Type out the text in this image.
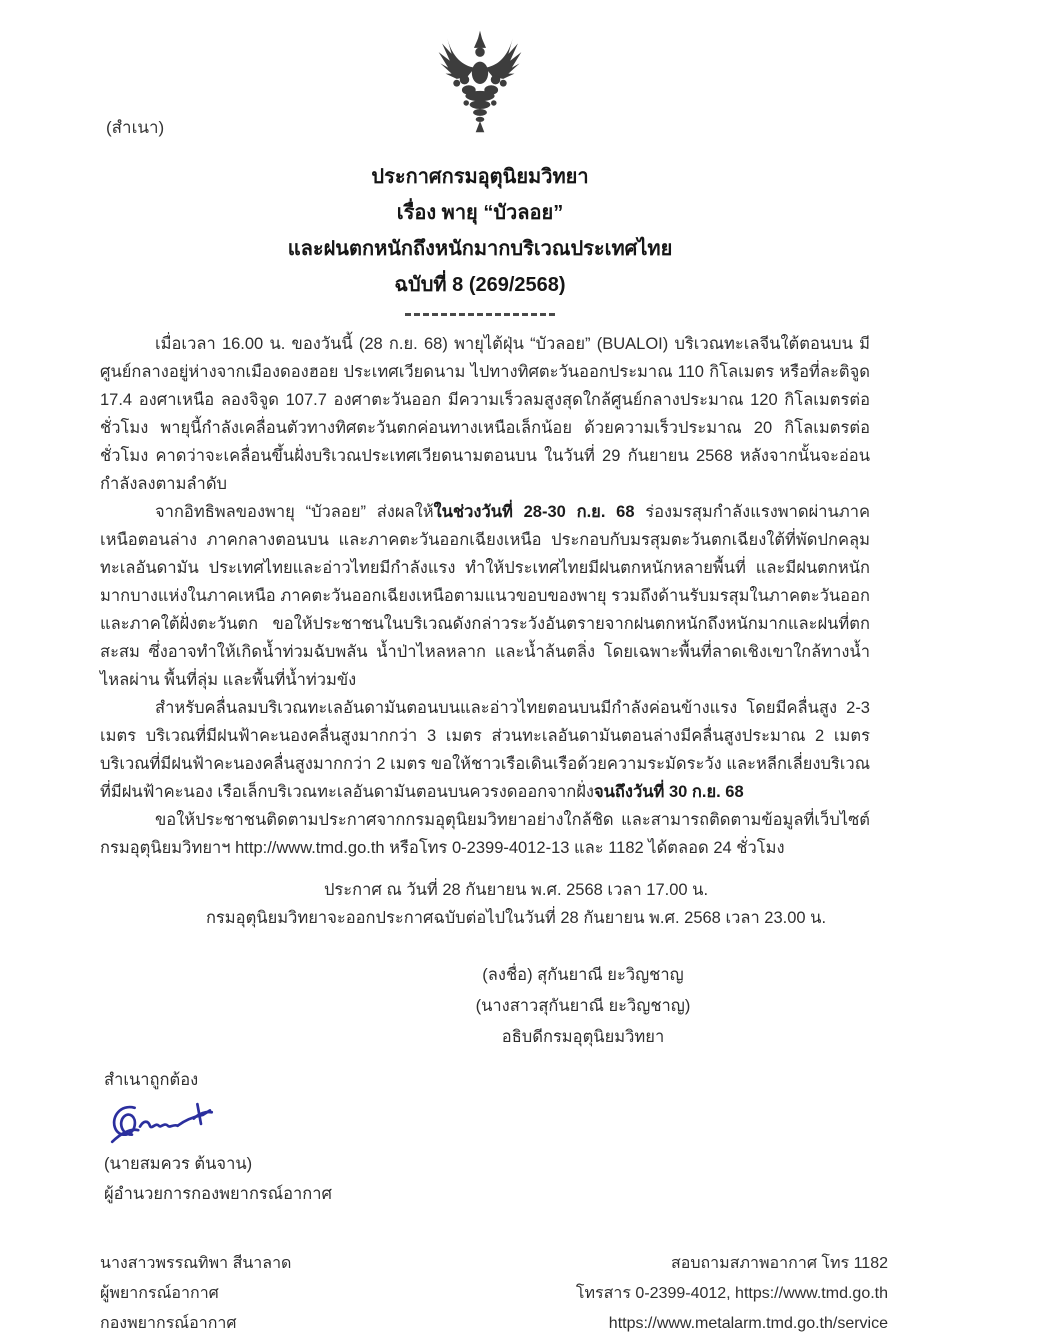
(สำเนา)
ประกาศกรมอุตุนิยมวิทยา
เรื่อง พายุ “บัวลอย”
และฝนตกหนักถึงหนักมากบริเวณประเทศไทย
ฉบับที่ 8 (269/2568)

เมื่อเวลา 16.00 น. ของวันนี้ (28 ก.ย. 68) พายุไต้ฝุ่น “บัวลอย” (BUALOI) บริเวณทะเลจีนใต้ตอนบน มีศูนย์กลางอยู่ห่างจากเมืองดองฮอย ประเทศเวียดนาม ไปทางทิศตะวันออกประมาณ 110 กิโลเมตร หรือที่ละติจูด 17.4 องศาเหนือ ลองจิจูด 107.7 องศาตะวันออก มีความเร็วลมสูงสุดใกล้ศูนย์กลางประมาณ 120 กิโลเมตรต่อชั่วโมง พายุนี้กำลังเคลื่อนตัวทางทิศตะวันตกค่อนทางเหนือเล็กน้อย ด้วยความเร็วประมาณ 20 กิโลเมตรต่อชั่วโมง คาดว่าจะเคลื่อนขึ้นฝั่งบริเวณประเทศเวียดนามตอนบน ในวันที่ 29 กันยายน 2568 หลังจากนั้นจะอ่อนกำลังลงตามลำดับ

จากอิทธิพลของพายุ “บัวลอย” ส่งผลให้ในช่วงวันที่ 28-30 ก.ย. 68 ร่องมรสุมกำลังแรงพาดผ่านภาคเหนือตอนล่าง ภาคกลางตอนบน และภาคตะวันออกเฉียงเหนือ ประกอบกับมรสุมตะวันตกเฉียงใต้ที่พัดปกคลุมทะเลอันดามัน ประเทศไทยและอ่าวไทยมีกำลังแรง ทำให้ประเทศไทยมีฝนตกหนักหลายพื้นที่ และมีฝนตกหนักมากบางแห่งในภาคเหนือ ภาคตะวันออกเฉียงเหนือตามแนวขอบของพายุ รวมถึงด้านรับมรสุมในภาคตะวันออกและภาคใต้ฝั่งตะวันตก ขอให้ประชาชนในบริเวณดังกล่าวระวังอันตรายจากฝนตกหนักถึงหนักมากและฝนที่ตกสะสม ซึ่งอาจทำให้เกิดน้ำท่วมฉับพลัน น้ำป่าไหลหลาก และน้ำล้นตลิ่ง โดยเฉพาะพื้นที่ลาดเชิงเขาใกล้ทางน้ำไหลผ่าน พื้นที่ลุ่ม และพื้นที่น้ำท่วมขัง

สำหรับคลื่นลมบริเวณทะเลอันดามันตอนบนและอ่าวไทยตอนบนมีกำลังค่อนข้างแรง โดยมีคลื่นสูง 2-3 เมตร บริเวณที่มีฝนฟ้าคะนองคลื่นสูงมากกว่า 3 เมตร ส่วนทะเลอันดามันตอนล่างมีคลื่นสูงประมาณ 2 เมตร บริเวณที่มีฝนฟ้าคะนองคลื่นสูงมากกว่า 2 เมตร ขอให้ชาวเรือเดินเรือด้วยความระมัดระวัง และหลีกเลี่ยงบริเวณที่มีฝนฟ้าคะนอง เรือเล็กบริเวณทะเลอันดามันตอนบนควรงดออกจากฝั่งจนถึงวันที่ 30 ก.ย. 68

ขอให้ประชาชนติดตามประกาศจากกรมอุตุนิยมวิทยาอย่างใกล้ชิด และสามารถติดตามข้อมูลที่เว็บไซต์ กรมอุตุนิยมวิทยาฯ http://www.tmd.go.th หรือโทร 0-2399-4012-13 และ 1182 ได้ตลอด 24 ชั่วโมง

ประกาศ ณ วันที่ 28 กันยายน พ.ศ. 2568 เวลา 17.00 น.
กรมอุตุนิยมวิทยาจะออกประกาศฉบับต่อไปในวันที่ 28 กันยายน พ.ศ. 2568 เวลา 23.00 น.
(ลงชื่อ) สุกันยาณี ยะวิญชาญ
(นางสาวสุกันยาณี ยะวิญชาญ)
อธิบดีกรมอุตุนิยมวิทยา

สำเนาถูกต้อง

(นายสมควร ต้นจาน)

ผู้อำนวยการกองพยากรณ์อากาศ

นางสาวพรรณทิพา สีนาลาด

ผู้พยากรณ์อากาศ

กองพยากรณ์อากาศ

สอบถามสภาพอากาศ โทร 1182

โทรสาร 0-2399-4012, https://www.tmd.go.th

https://www.metalarm.tmd.go.th/service
